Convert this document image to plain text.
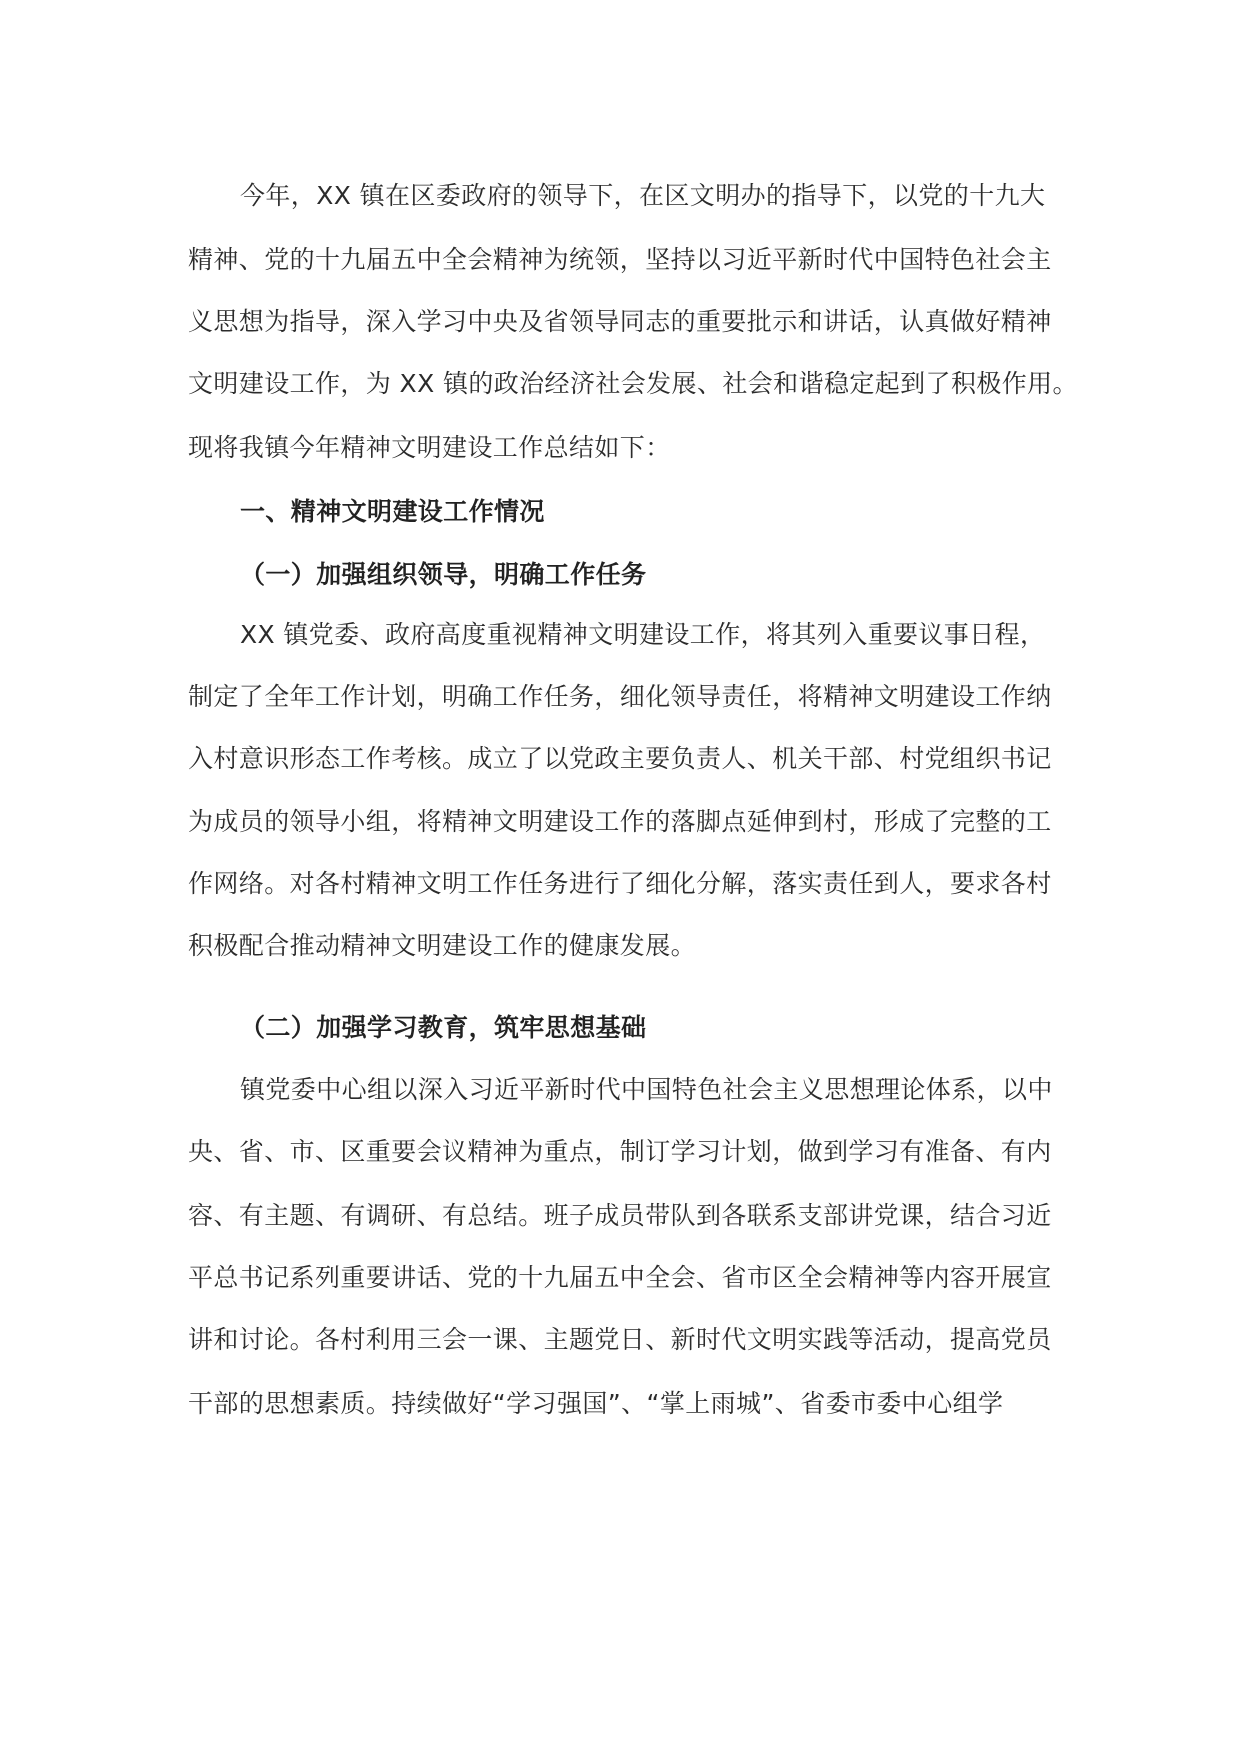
今年，XX 镇在区委政府的领导下，在区文明办的指导下，以党的十九大
精神、党的十九届五中全会精神为统领，坚持以习近平新时代中国特色社会主
义思想为指导，深入学习中央及省领导同志的重要批示和讲话，认真做好精神
文明建设工作，为 XX 镇的政治经济社会发展、社会和谐稳定起到了积极作用。
现将我镇今年精神文明建设工作总结如下：
一、精神文明建设工作情况
（一）加强组织领导，明确工作任务
XX 镇党委、政府高度重视精神文明建设工作，将其列入重要议事日程，
制定了全年工作计划，明确工作任务，细化领导责任，将精神文明建设工作纳
入村意识形态工作考核。成立了以党政主要负责人、机关干部、村党组织书记
为成员的领导小组，将精神文明建设工作的落脚点延伸到村，形成了完整的工
作网络。对各村精神文明工作任务进行了细化分解，落实责任到人，要求各村
积极配合推动精神文明建设工作的健康发展。
（二）加强学习教育，筑牢思想基础
镇党委中心组以深入习近平新时代中国特色社会主义思想理论体系，以中
央、省、市、区重要会议精神为重点，制订学习计划，做到学习有准备、有内
容、有主题、有调研、有总结。班子成员带队到各联系支部讲党课，结合习近
平总书记系列重要讲话、党的十九届五中全会、省市区全会精神等内容开展宣
讲和讨论。各村利用三会一课、主题党日、新时代文明实践等活动，提高党员
干部的思想素质。持续做好“学习强国”、“掌上雨城”、省委市委中心组学
